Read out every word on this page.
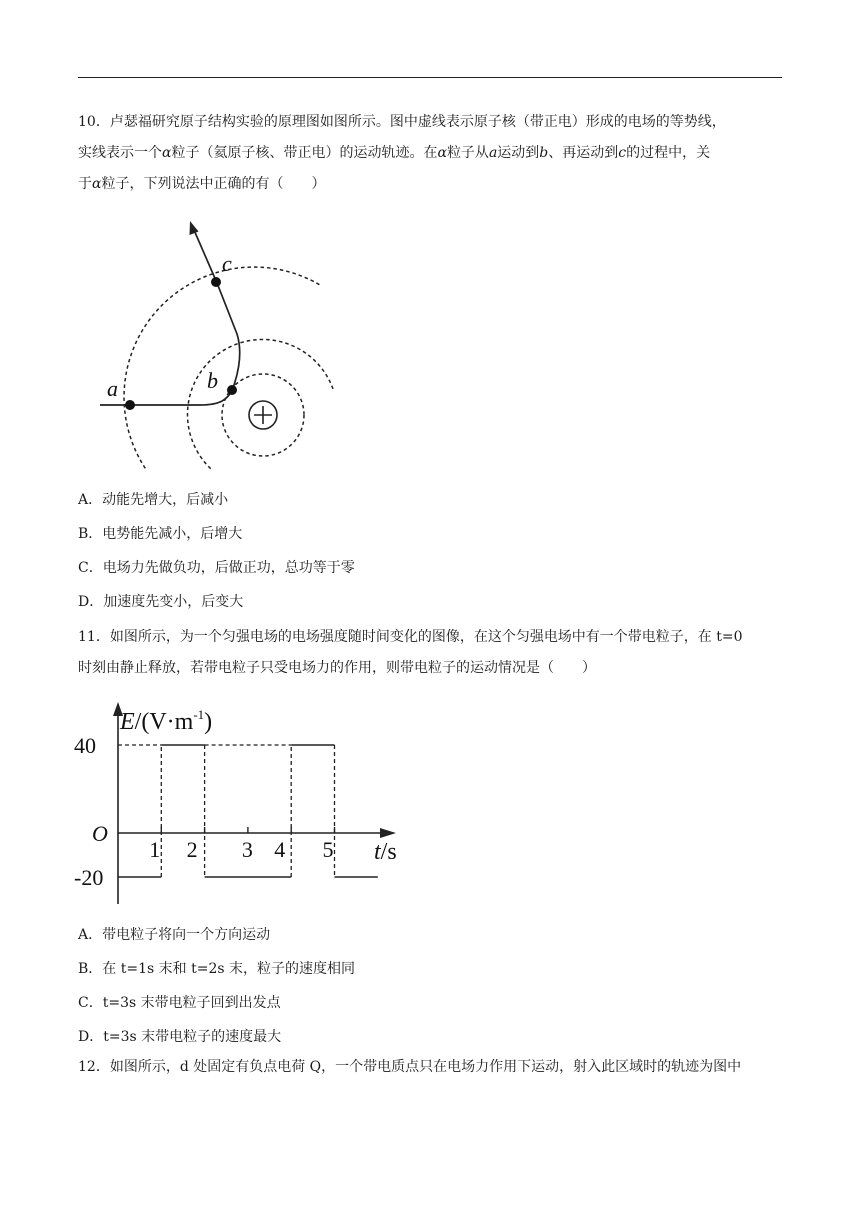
10．卢瑟福研究原子结构实验的原理图如图所示。图中虚线表示原子核（带正电）形成的电场的等势线，
实线表示一个α粒子（氦原子核、带正电）的运动轨迹。在α粒子从a运动到b、再运动到c的过程中，关
于α粒子，下列说法中正确的有（　　）

a	b
c

A．动能先增大，后减小

B．电势能先减小，后增大

C．电场力先做负功，后做正功，总功等于零

D．加速度先变小，后变大

11．如图所示，为一个匀强电场的电场强度随时间变化的图像，在这个匀强电场中有一个带电粒子，在 t=0
时刻由静止释放，若带电粒子只受电场力的作用，则带电粒子的运动情况是（　　）

$E/(V\cdot m^{-1})$
40
-20
O
1 2 3 4 5 t/s

A．带电粒子将向一个方向运动

B．在 t=1s 末和 t=2s 末，粒子的速度相同

C．t=3s 末带电粒子回到出发点

D．t=3s 末带电粒子的速度最大

12．如图所示，d 处固定有负点电荷 Q，一个带电质点只在电场力作用下运动，射入此区域时的轨迹为图中
